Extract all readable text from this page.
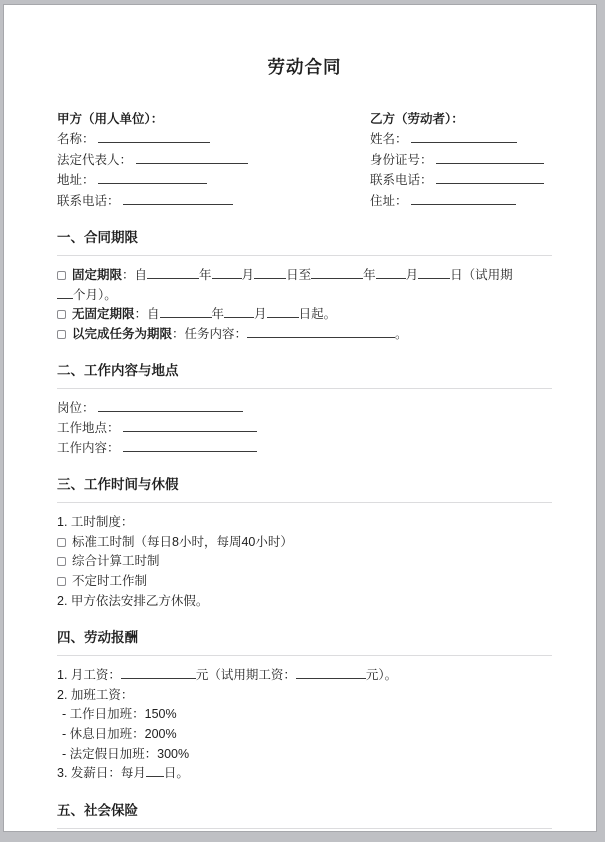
劳动合同
甲方（用人单位）：
名称：
法定代表人：
地址：
联系电话：
乙方（劳动者）：
姓名：
身份证号：
联系电话：
住址：
一、合同期限
固定期限：自	年 月	日至	年 月	日（试用期
个月）。
无固定期限：自	年 月	日起。
以完成任务为期限：任务内容：	。
二、工作内容与地点
岗位：
工作地点：
工作内容：
三、工作时间与休假
1. 工时制度：
标准工时制（每日8小时，每周40小时）
综合计算工时制
不定时工作制
2. 甲方依法安排乙方休假。
四、劳动报酬
1. 月工资：	元（试用期工资：	元）。
2. 加班工资：
- 工作日加班：150%
- 休息日加班：200%
- 法定假日加班：300%
3. 发薪日：每月 日。
五、社会保险
